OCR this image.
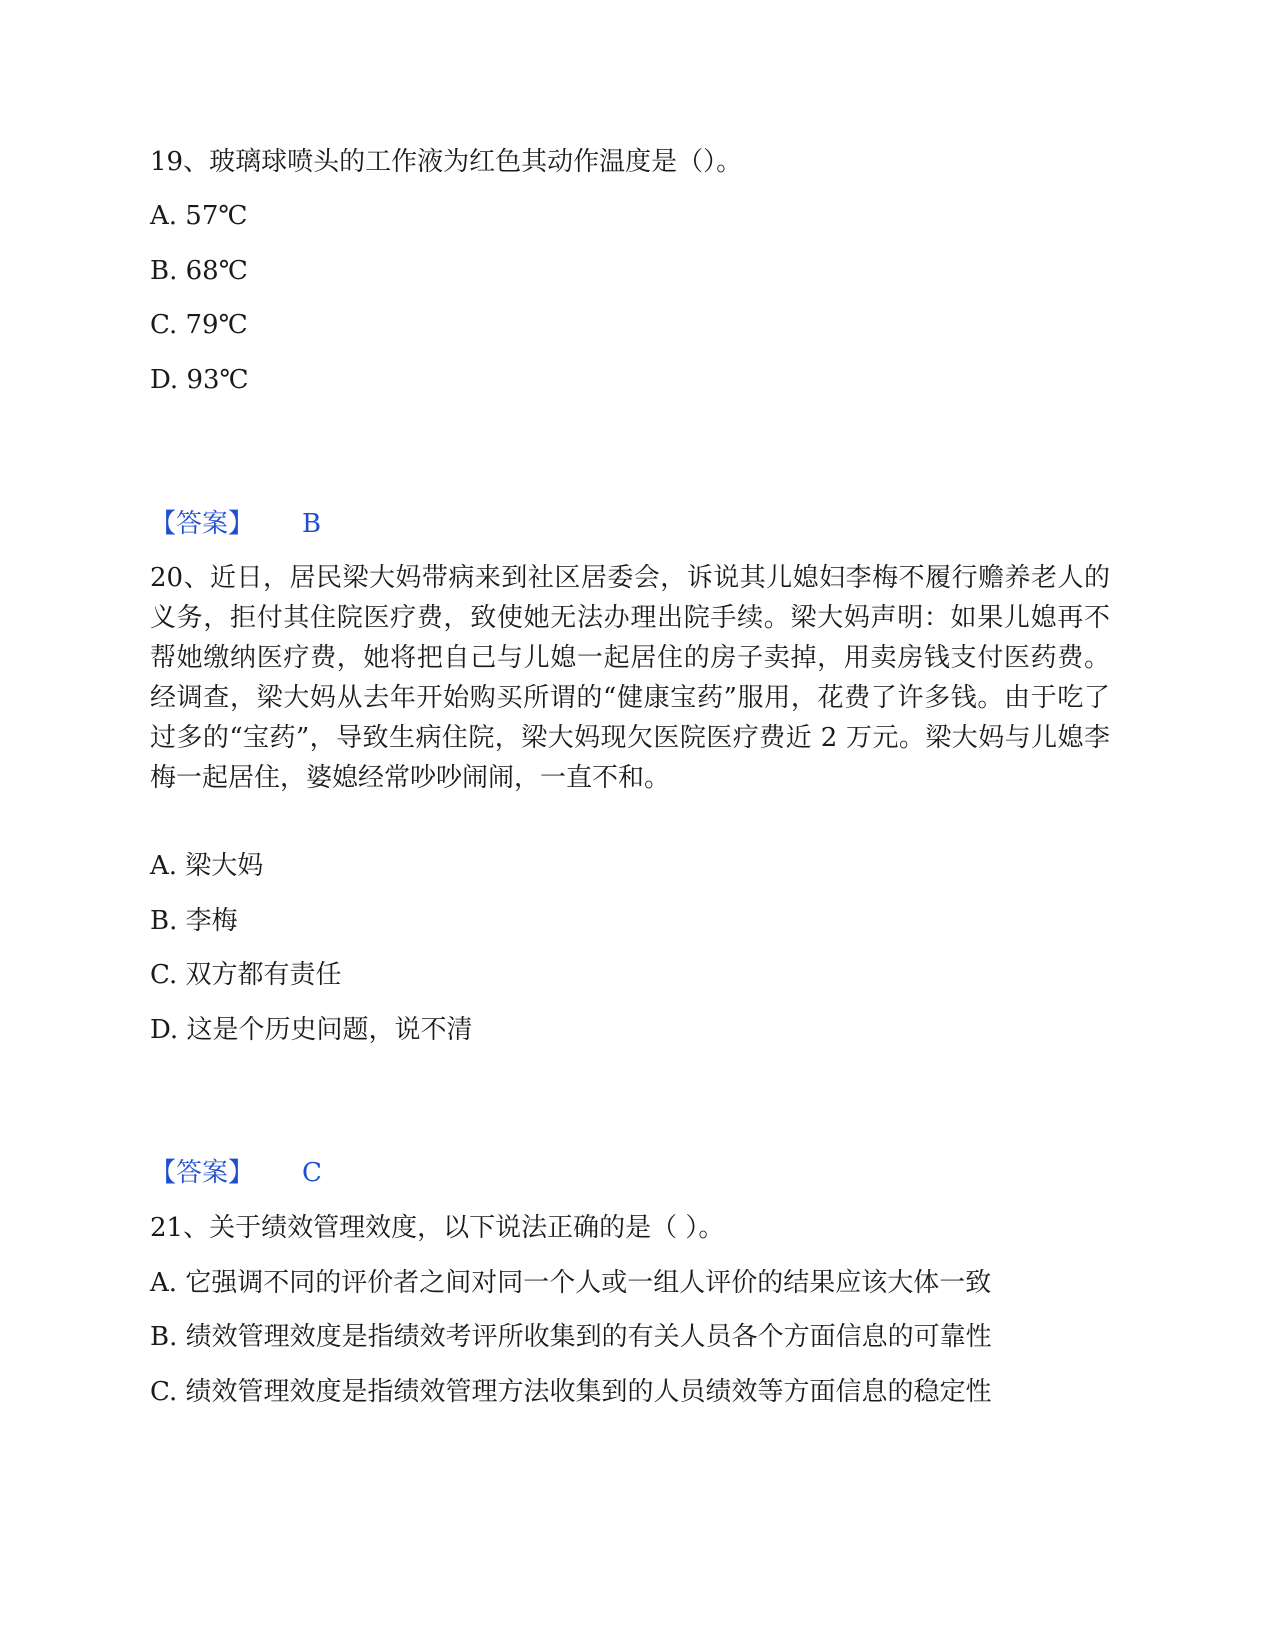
19、玻璃球喷头的工作液为红色其动作温度是（）。
A. 57℃
B. 68℃
C. 79℃
D. 93℃
【答案】 B
20、近日，居民梁大妈带病来到社区居委会，诉说其儿媳妇李梅不履行赡养老人的义务，拒付其住院医疗费，致使她无法办理出院手续。梁大妈声明：如果儿媳再不帮她缴纳医疗费，她将把自己与儿媳一起居住的房子卖掉，用卖房钱支付医药费。经调查，梁大妈从去年开始购买所谓的“健康宝药”服用，花费了许多钱。由于吃了过多的“宝药”，导致生病住院，梁大妈现欠医院医疗费近 2 万元。梁大妈与儿媳李梅一起居住，婆媳经常吵吵闹闹，一直不和。
A. 梁大妈
B. 李梅
C. 双方都有责任
D. 这是个历史问题，说不清
【答案】 C
21、关于绩效管理效度，以下说法正确的是（ ）。
A. 它强调不同的评价者之间对同一个人或一组人评价的结果应该大体一致
B. 绩效管理效度是指绩效考评所收集到的有关人员各个方面信息的可靠性
C. 绩效管理效度是指绩效管理方法收集到的人员绩效等方面信息的稳定性
